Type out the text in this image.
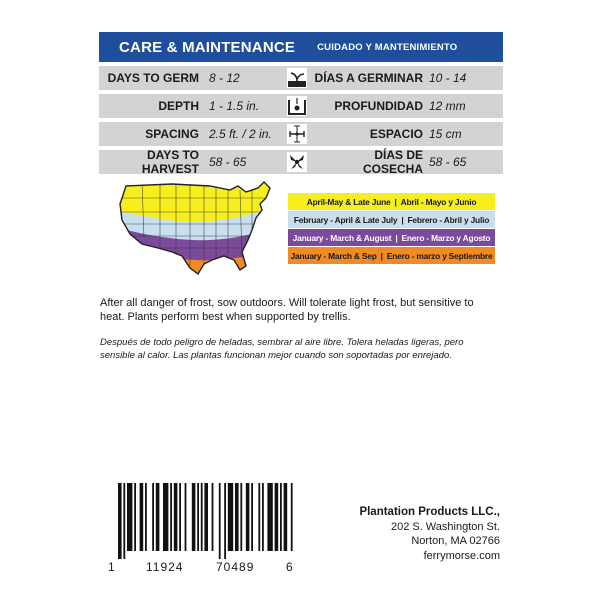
CARE & MAINTENANCE CUIDADO Y MANTENIMIENTO
DAYS TO GERM 8 - 12	DÍAS A GERMINAR 10 - 14
DEPTH 1 - 1.5 in.	PROFUNDIDAD 12 mm
SPACING 2.5 ft. / 2 in.	ESPACIO 15 cm
DAYS TO HARVEST 58 - 65	DÍAS DE COSECHA 58 - 65
April-May & Late June | Abril - Mayo y Junio
February - April & Late July | Febrero - Abril y Julio
January - March & August | Enero - Marzo y Agosto
January - March & Sep | Enero - marzo y Septiembre

After all danger of frost, sow outdoors. Will tolerate light frost, but sensitive to heat. Plants perform best when supported by trellis.

Después de todo peligro de heladas, sembrar al aire libre. Tolera heladas ligeras, pero sensible al calor. Las plantas funcionan mejor cuando son soportadas por enrejado.

1	11924	70489	6
Plantation Products LLC.,
202 S. Washington St.
Norton, MA 02766
ferrymorse.com
